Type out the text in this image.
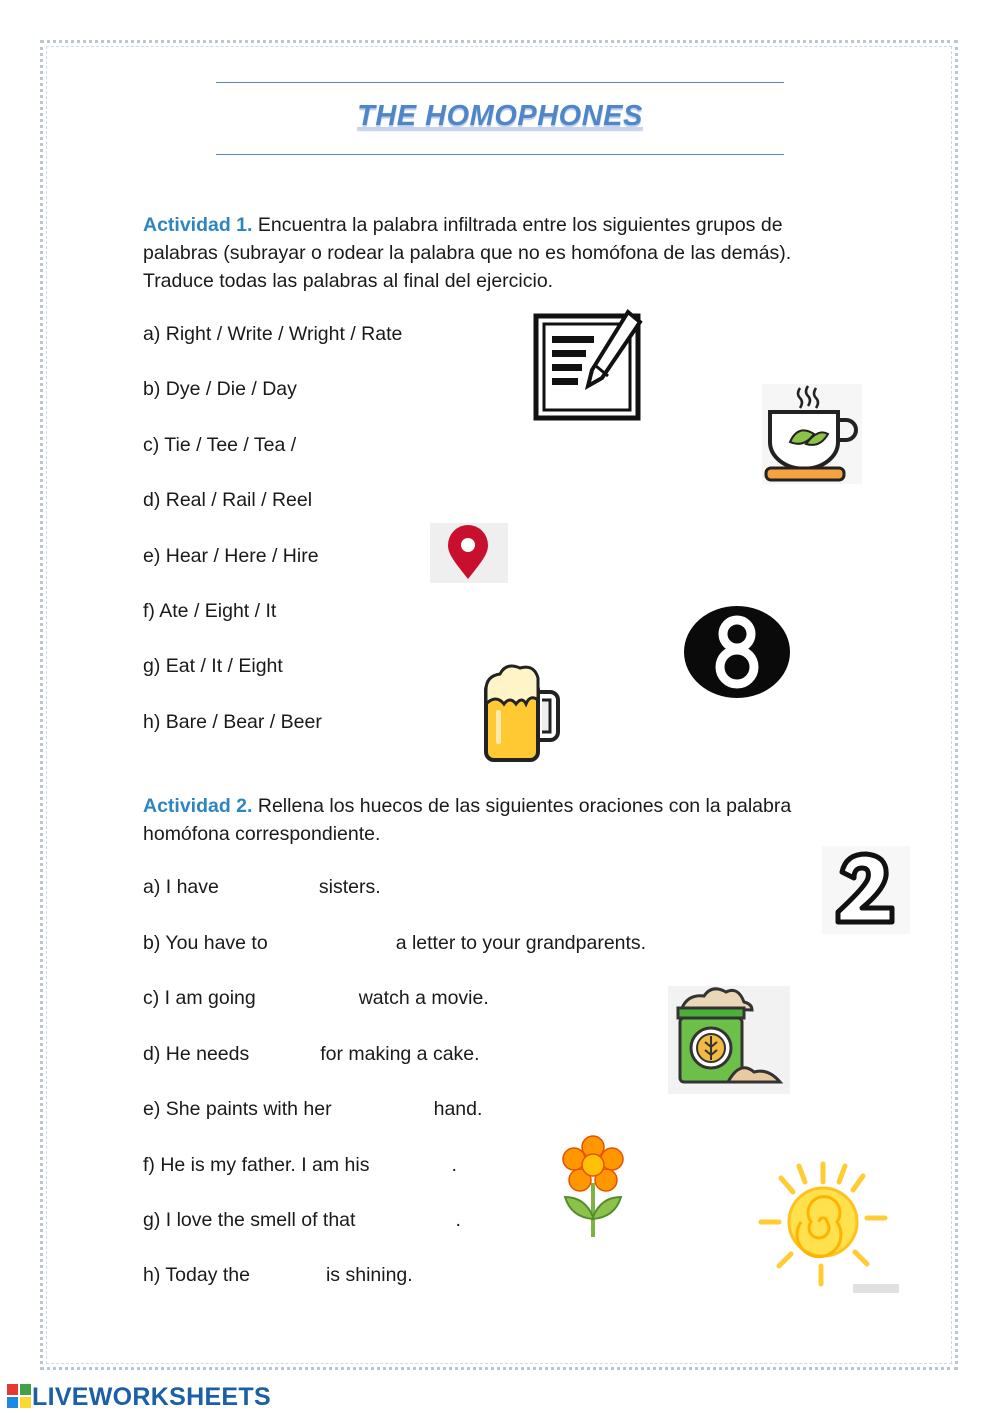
THE HOMOPHONES
Actividad 1. Encuentra la palabra infiltrada entre los siguientes grupos de palabras (subrayar o rodear la palabra que no es homófona de las demás). Traduce todas las palabras al final del ejercicio.
a) Right / Write / Wright / Rate
b) Dye / Die / Day
c) Tie / Tee / Tea /
d) Real / Rail / Reel
e) Hear / Here / Hire
f) Ate / Eight / It
g) Eat / It / Eight
h) Bare / Bear / Beer
Actividad 2. Rellena los huecos de las siguientes oraciones con la palabra homófona correspondiente.
a) I have	sisters.
b) You have to	a letter to your grandparents.
c) I am going	watch a movie.
d) He needs	for making a cake.
e) She paints with her	hand.
f) He is my father. I am his	.
g) I love the smell of that	.
h) Today the	is shining.
LIVEWORKSHEETS
